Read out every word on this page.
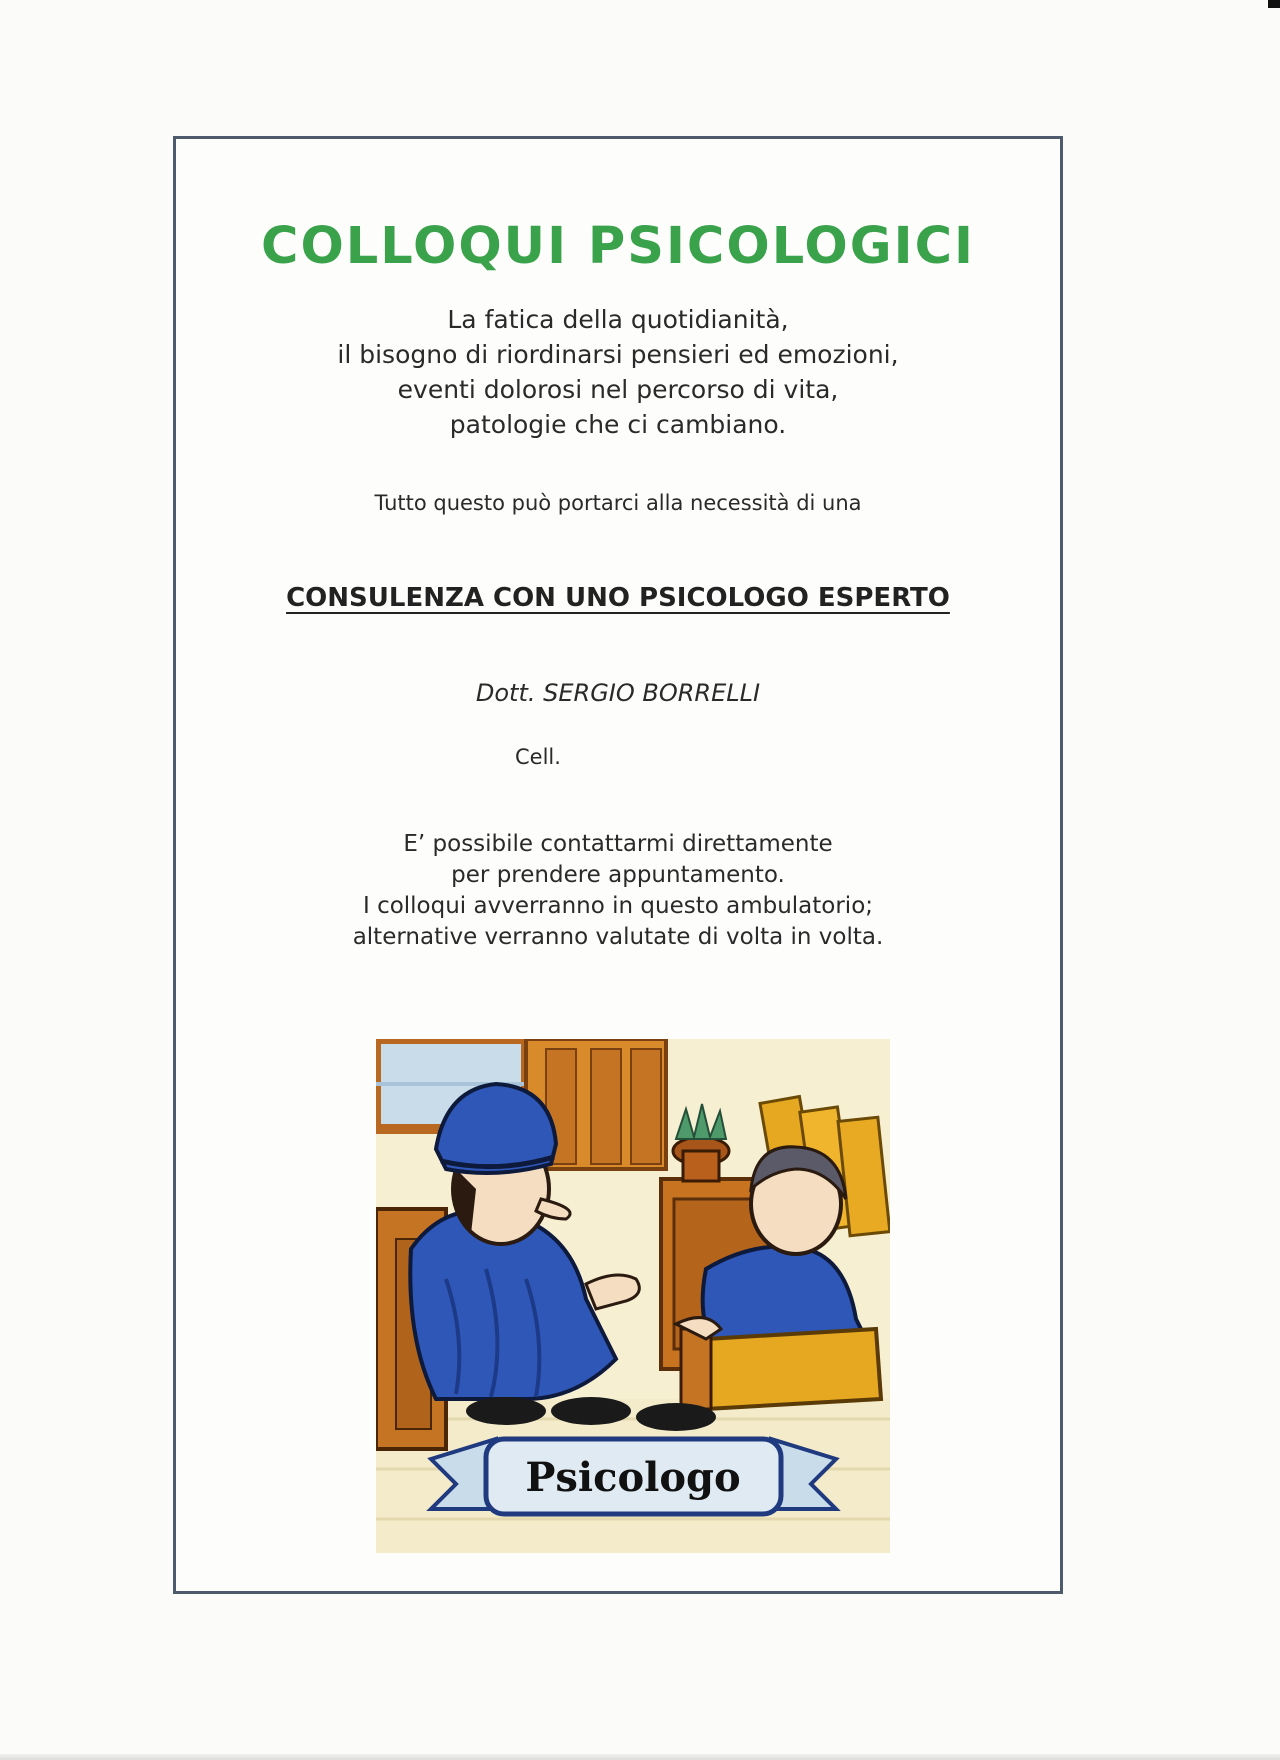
COLLOQUI PSICOLOGICI
La fatica della quotidianità,
il bisogno di riordinarsi pensieri ed emozioni,
eventi dolorosi nel percorso di vita,
patologie che ci cambiano.
Tutto questo può portarci alla necessità di una
CONSULENZA CON UNO PSICOLOGO ESPERTO
Dott. SERGIO BORRELLI
Cell.
E’ possibile contattarmi direttamente
per prendere appuntamento.
I colloqui avverranno in questo ambulatorio;
alternative verranno valutate di volta in volta.
Psicologo
